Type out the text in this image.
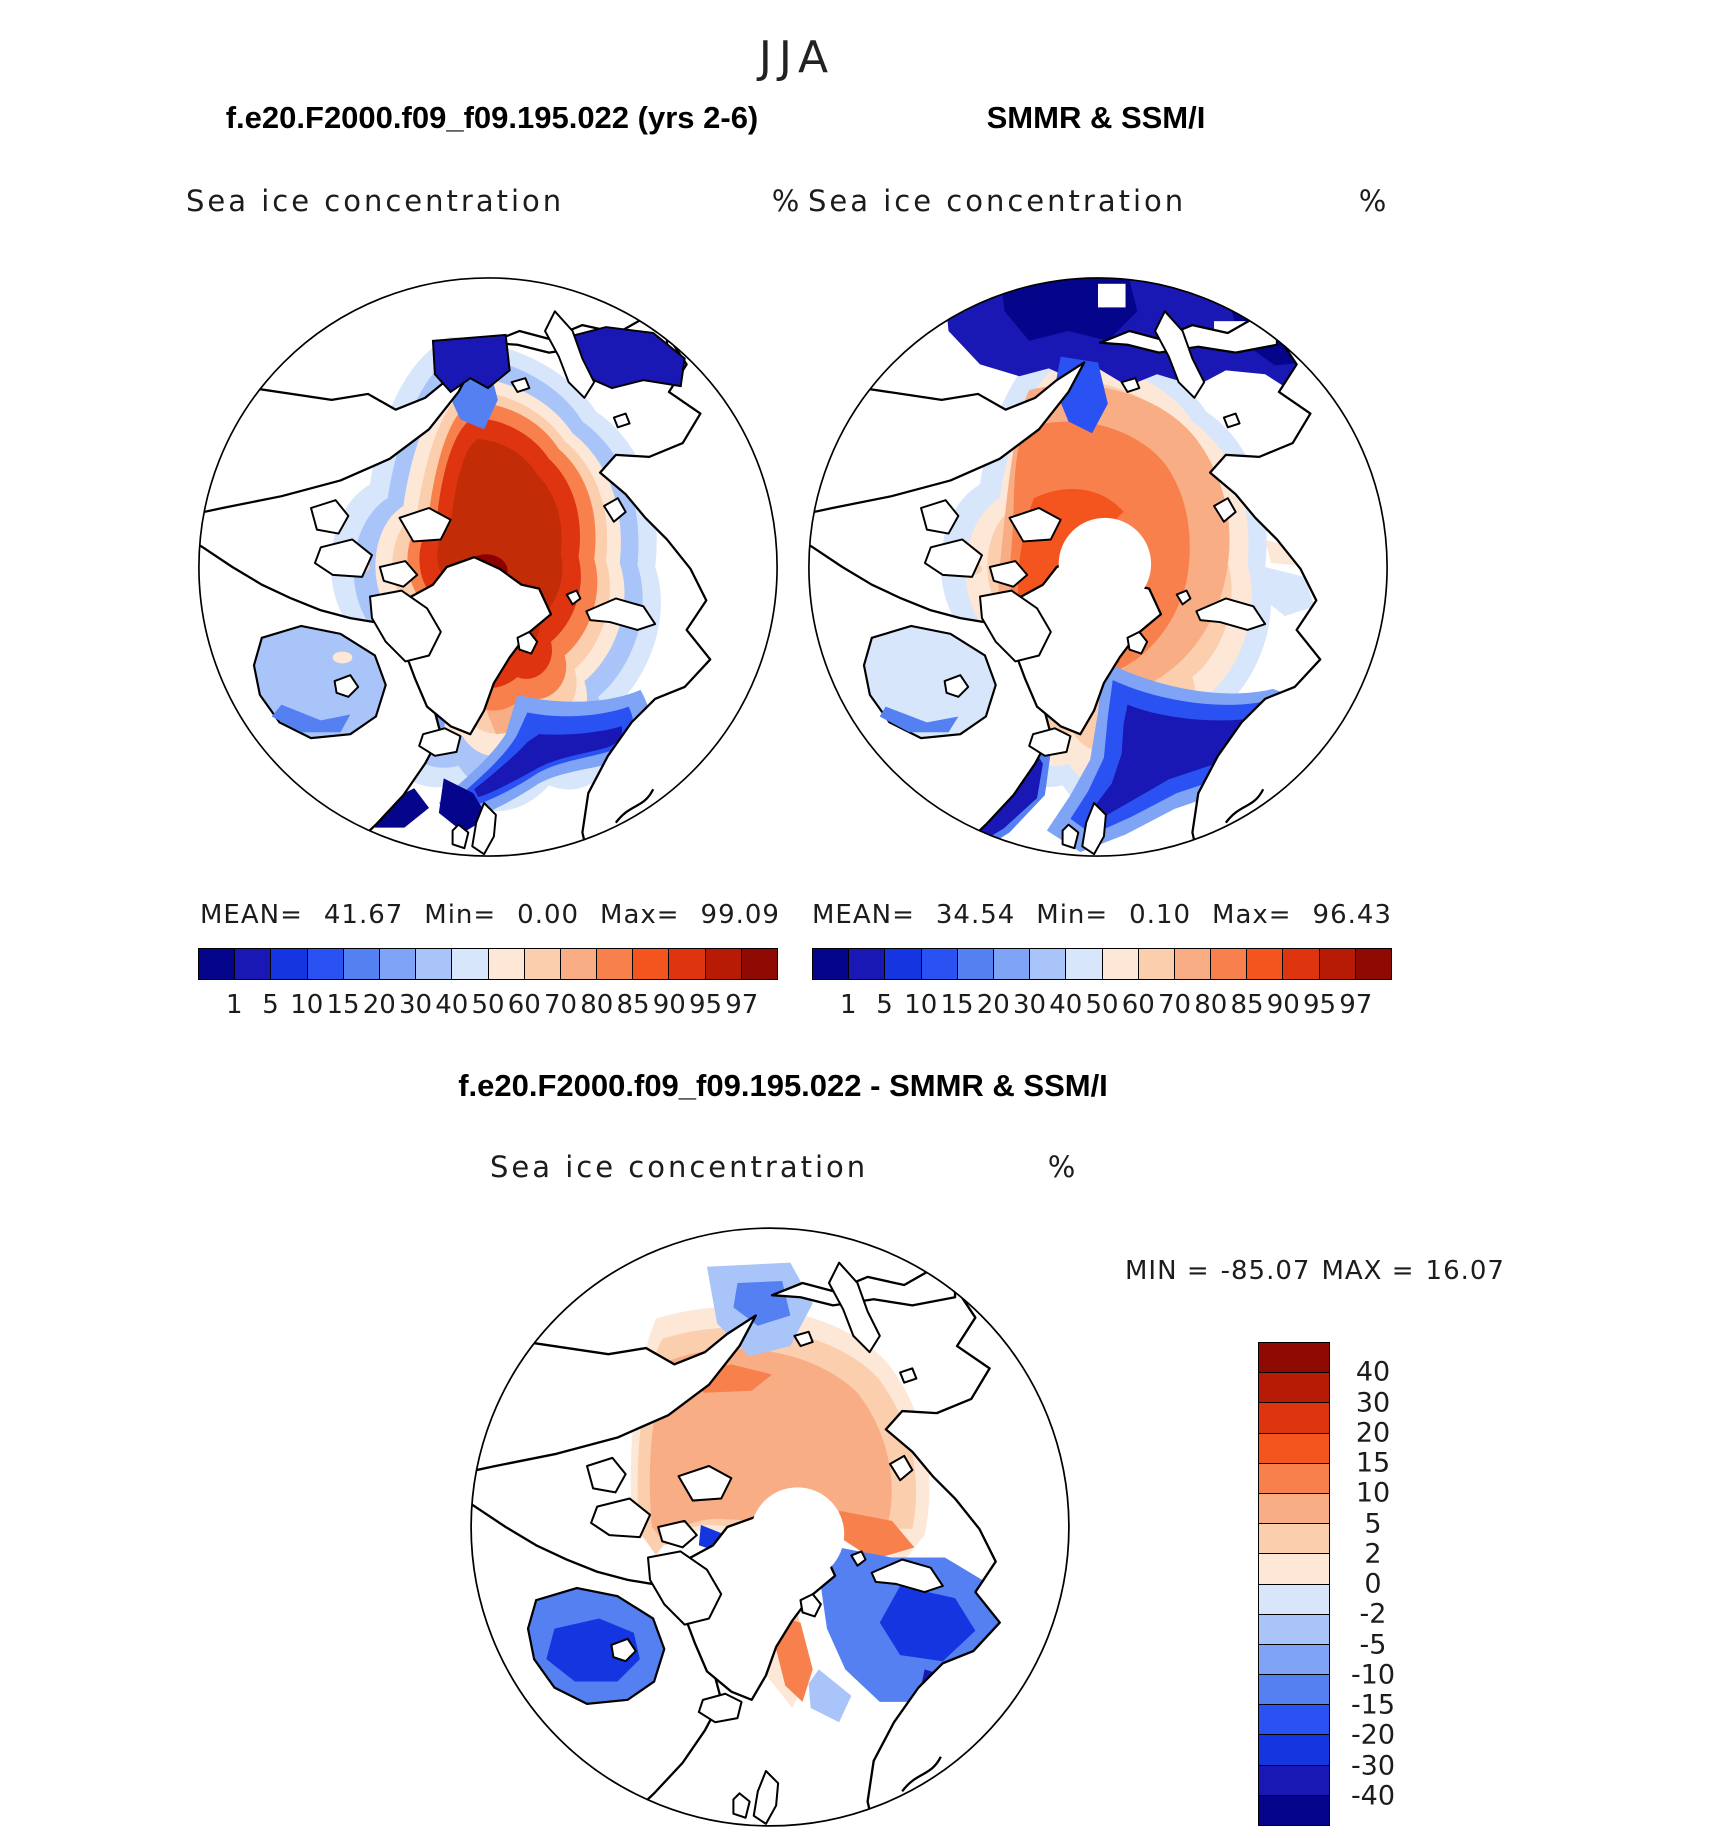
JJA
f.e20.F2000.f09_f09.195.022 (yrs 2-6)	SMMR & SSM/I
Sea ice concentration	% Sea ice concentration	%
MEAN= 41.67 Min= 0.00 Max= 99.09 MEAN= 34.54 Min= 0.10 Max= 96.43
1 5 10 15 20 30 40 50 60 70 80 85 90 95 97	1 5 10 15 20 30 40 50 60 70 80 85 90 95 97
f.e20.F2000.f09_f09.195.022 - SMMR & SSM/I
Sea ice concentration	%
MIN = -85.07 MAX = 16.07
40
30
20
15
10
5
2
0
-2
-5
-10
-15
-20
-30
-40
